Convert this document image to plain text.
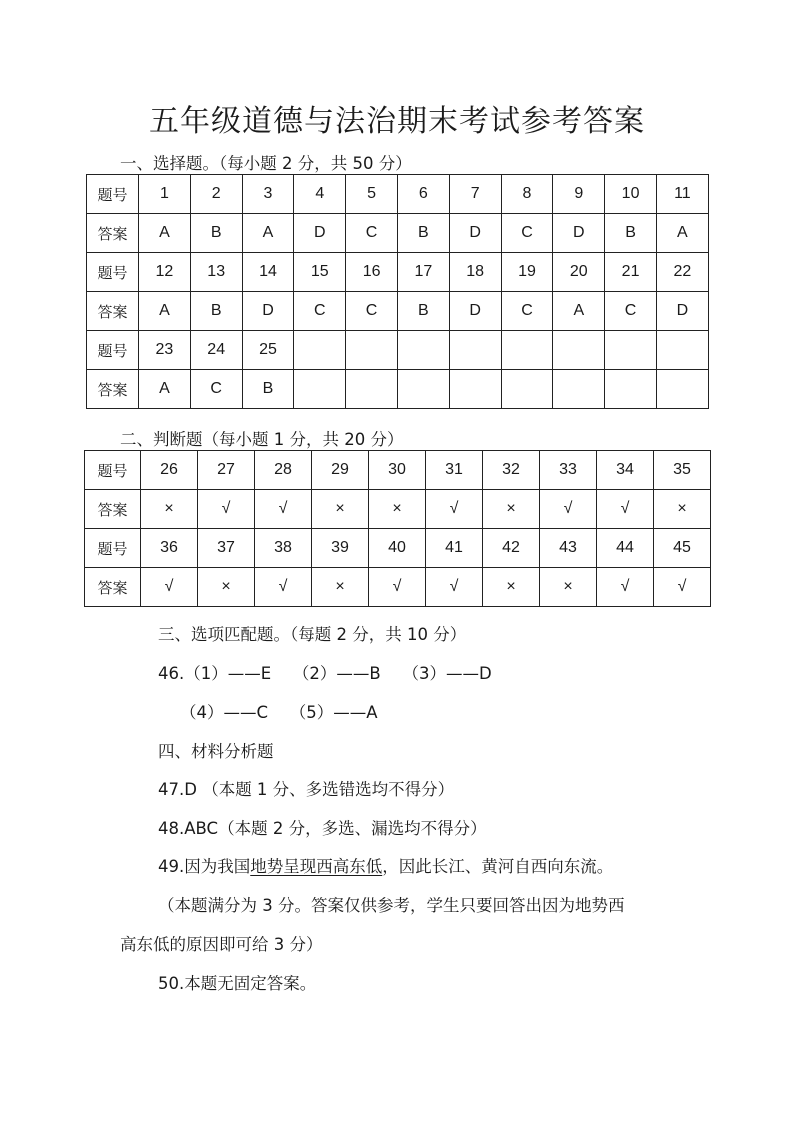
五年级道德与法治期末考试参考答案
一、选择题。（每小题 2 分，共 50 分）
题号	1	2	3	4	5	6	7	8	9	10	11
答案	A	B	A	D	C	B	D	C	D	B	A
题号	12	13	14	15	16	17	18	19	20	21	22
答案	A	B	D	C	C	B	D	C	A	C	D
题号	23	24	25								
答案	A	C	B								
二、判断题（每小题 1 分，共 20 分）
题号	26	27	28	29	30	31	32	33	34	35
答案	×	√	√	×	×	√	×	√	√	×
题号	36	37	38	39	40	41	42	43	44	45
答案	√	×	√	×	√	√	×	×	√	√
三、选项匹配题。（每题 2 分，共 10 分）
46.（1）——E　 （2）——B　 （3）——D
（4）——C　 （5）——A
四、材料分析题
47.D （本题 1 分、多选错选均不得分）
48.ABC（本题 2 分，多选、漏选均不得分）
49.因为我国地势呈现西高东低，因此长江、黄河自西向东流。
（本题满分为 3 分。答案仅供参考，学生只要回答出因为地势西
高东低的原因即可给 3 分）
50.本题无固定答案。
